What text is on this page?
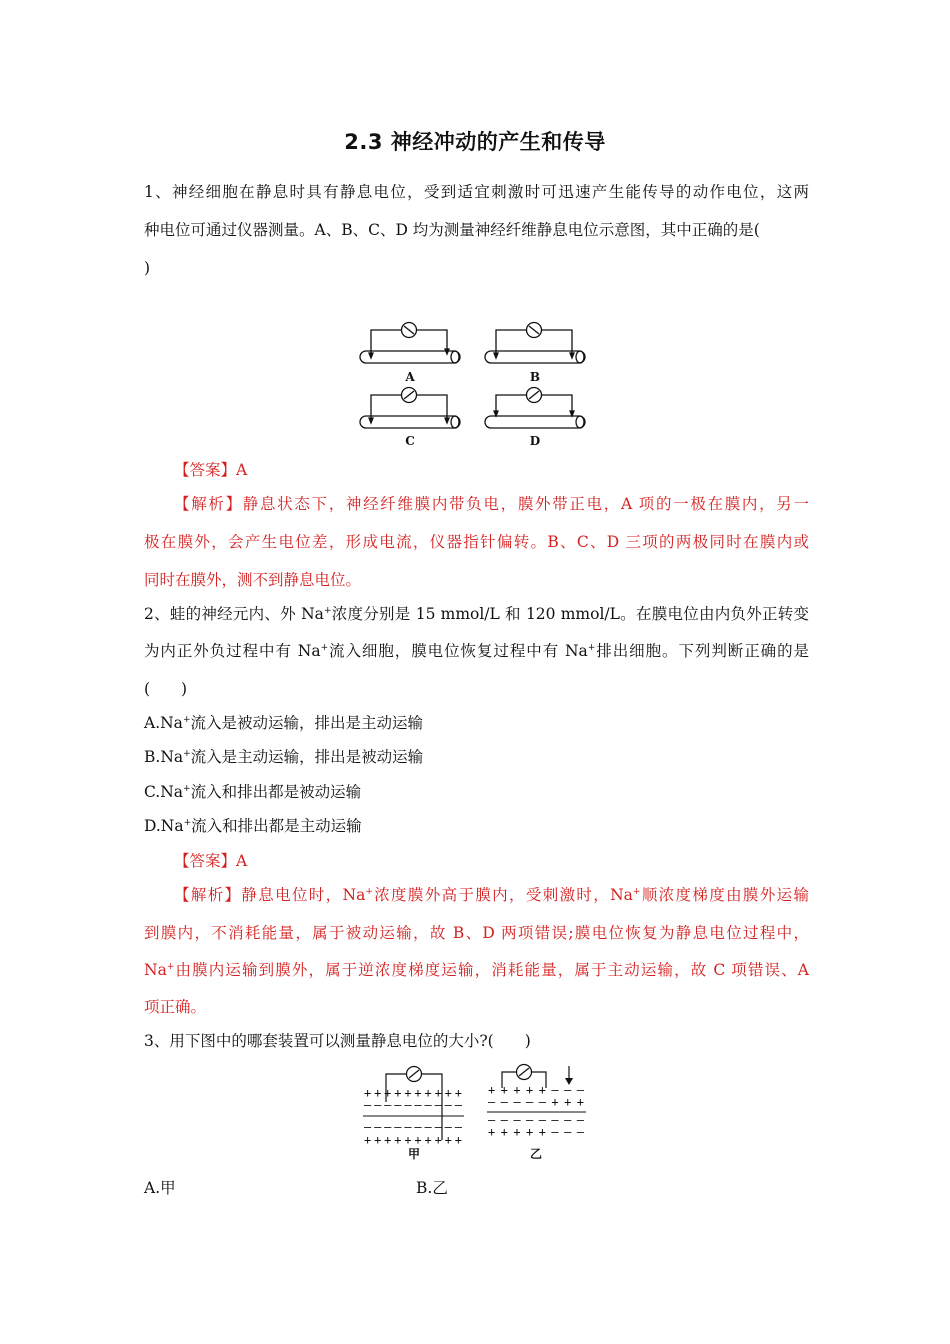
2.3 神经冲动的产生和传导
1、神经细胞在静息时具有静息电位，受到适宜刺激时可迅速产生能传导的动作电位，这两
种电位可通过仪器测量。A、B、C、D 均为测量神经纤维静息电位示意图，其中正确的是(
)
A	B
C	D
【答案】A
【解析】静息状态下，神经纤维膜内带负电，膜外带正电，A 项的一极在膜内，另一
极在膜外，会产生电位差，形成电流，仪器指针偏转。B、C、D 三项的两极同时在膜内或
同时在膜外，测不到静息电位。
2、蛙的神经元内、外 Na+浓度分别是 15 mmol/L 和 120 mmol/L。在膜电位由内负外正转变
为内正外负过程中有 Na+流入细胞，膜电位恢复过程中有 Na+排出细胞。下列判断正确的是
(　　)
A.Na+流入是被动运输，排出是主动运输
B.Na+流入是主动运输，排出是被动运输
C.Na+流入和排出都是被动运输
D.Na+流入和排出都是主动运输
【答案】A
【解析】静息电位时，Na+浓度膜外高于膜内，受刺激时，Na+顺浓度梯度由膜外运输
到膜内，不消耗能量，属于被动运输，故 B、D 两项错误;膜电位恢复为静息电位过程中，
Na+由膜内运输到膜外，属于逆浓度梯度运输，消耗能量，属于主动运输，故 C 项错误、A
项正确。
3、用下图中的哪套装置可以测量静息电位的大小?(　　)
+ + + + + + + + + +
– – – – – – – – – –
– – – – – – – – – –
+ + + + + + + + + +
+ + + + + – – –
– – – – – + + +
– – – – – – – –
+ + + + + – – –
甲	乙
A.甲	B.乙
